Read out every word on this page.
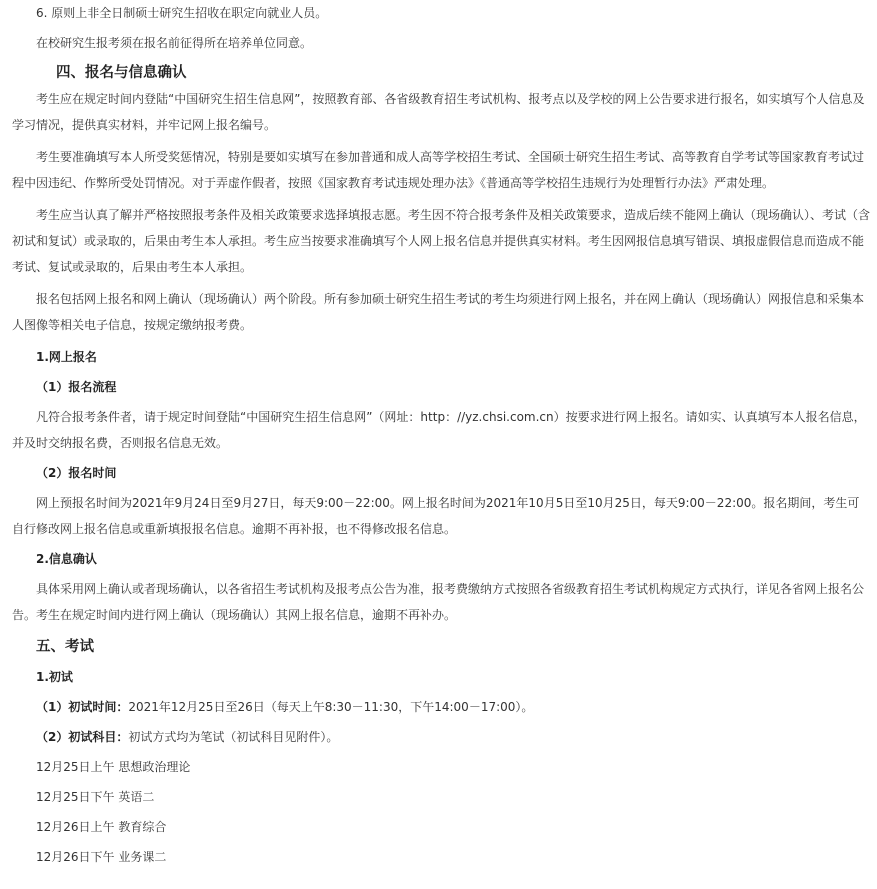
6. 原则上非全日制硕士研究生招收在职定向就业人员。

在校研究生报考须在报名前征得所在培养单位同意。

四、报名与信息确认

考生应在规定时间内登陆“中国研究生招生信息网”，按照教育部、各省级教育招生考试机构、报考点以及学校的网上公告要求进行报名，如实填写个人信息及学习情况，提供真实材料，并牢记网上报名编号。

考生要准确填写本人所受奖惩情况，特别是要如实填写在参加普通和成人高等学校招生考试、全国硕士研究生招生考试、高等教育自学考试等国家教育考试过程中因违纪、作弊所受处罚情况。对于弄虚作假者，按照《国家教育考试违规处理办法》《普通高等学校招生违规行为处理暂行办法》严肃处理。

考生应当认真了解并严格按照报考条件及相关政策要求选择填报志愿。考生因不符合报考条件及相关政策要求，造成后续不能网上确认（现场确认）、考试（含初试和复试）或录取的，后果由考生本人承担。考生应当按要求准确填写个人网上报名信息并提供真实材料。考生因网报信息填写错误、填报虚假信息而造成不能考试、复试或录取的，后果由考生本人承担。

报名包括网上报名和网上确认（现场确认）两个阶段。所有参加硕士研究生招生考试的考生均须进行网上报名，并在网上确认（现场确认）网报信息和采集本人图像等相关电子信息，按规定缴纳报考费。

1.网上报名

（1）报名流程

凡符合报考条件者，请于规定时间登陆“中国研究生招生信息网”（网址：http：//yz.chsi.com.cn）按要求进行网上报名。请如实、认真填写本人报名信息，并及时交纳报名费，否则报名信息无效。

（2）报名时间

网上预报名时间为2021年9月24日至9月27日，每天9:00－22:00。网上报名时间为2021年10月5日至10月25日，每天9:00－22:00。报名期间，考生可自行修改网上报名信息或重新填报报名信息。逾期不再补报，也不得修改报名信息。

2.信息确认

具体采用网上确认或者现场确认，以各省招生考试机构及报考点公告为准，报考费缴纳方式按照各省级教育招生考试机构规定方式执行，详见各省网上报名公告。考生在规定时间内进行网上确认（现场确认）其网上报名信息，逾期不再补办。

五、考试

1.初试

（1）初试时间：2021年12月25日至26日（每天上午8:30－11:30，下午14:00－17:00）。

（2）初试科目：初试方式均为笔试（初试科目见附件）。

12月25日上午 思想政治理论

12月25日下午 英语二

12月26日上午 教育综合

12月26日下午 业务课二
